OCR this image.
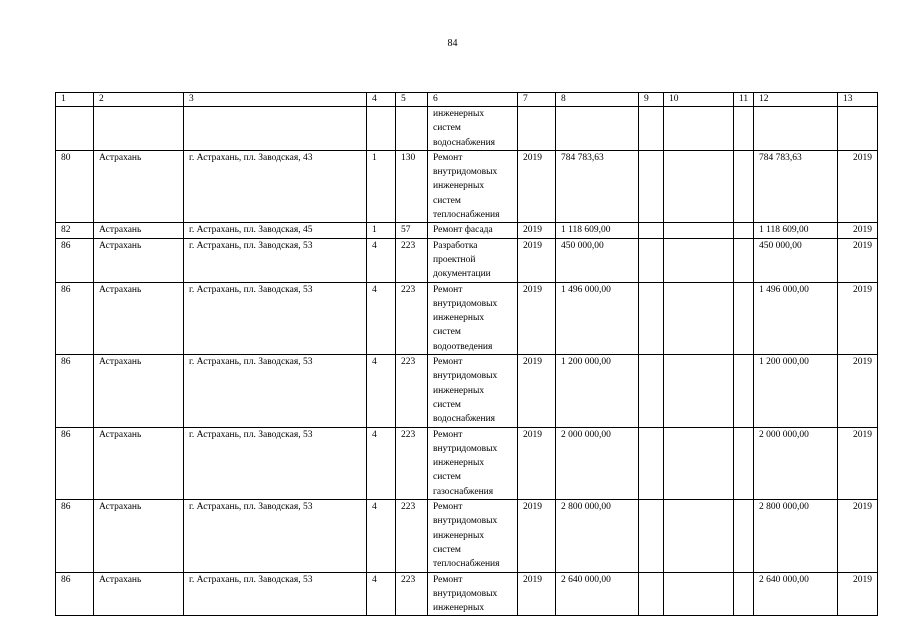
84
1	2	3	4	5	6	7	8	9	10	11	12	13
					инженерных систем водоснабжения							
80	Астрахань	г. Астрахань, пл. Заводская, 43	1	130	Ремонт внутридомовых инженерных систем теплоснабжения	2019	784 783,63				784 783,63	2019
82	Астрахань	г. Астрахань, пл. Заводская, 45	1	57	Ремонт фасада	2019	1 118 609,00				1 118 609,00	2019
86	Астрахань	г. Астрахань, пл. Заводская, 53	4	223	Разработка проектной документации	2019	450 000,00				450 000,00	2019
86	Астрахань	г. Астрахань, пл. Заводская, 53	4	223	Ремонт внутридомовых инженерных систем водоотведения	2019	1 496 000,00				1 496 000,00	2019
86	Астрахань	г. Астрахань, пл. Заводская, 53	4	223	Ремонт внутридомовых инженерных систем водоснабжения	2019	1 200 000,00				1 200 000,00	2019
86	Астрахань	г. Астрахань, пл. Заводская, 53	4	223	Ремонт внутридомовых инженерных систем газоснабжения	2019	2 000 000,00				2 000 000,00	2019
86	Астрахань	г. Астрахань, пл. Заводская, 53	4	223	Ремонт внутридомовых инженерных систем теплоснабжения	2019	2 800 000,00				2 800 000,00	2019
86	Астрахань	г. Астрахань, пл. Заводская, 53	4	223	Ремонт внутридомовых инженерных	2019	2 640 000,00				2 640 000,00	2019
